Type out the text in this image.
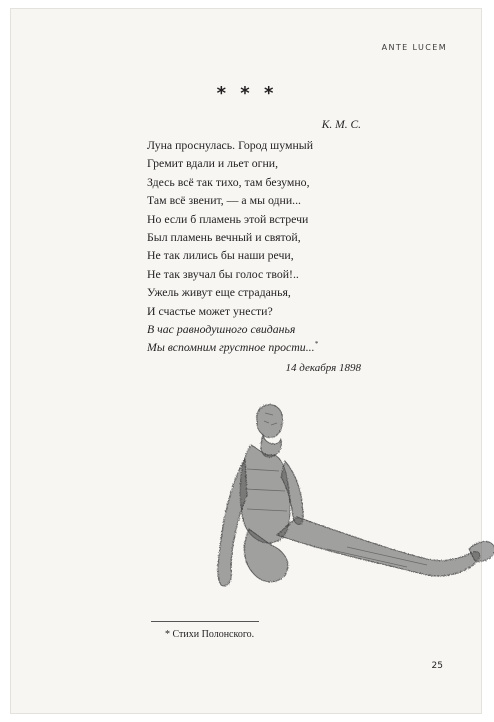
ANTE LUCEM
* * *
К. М. С.
Луна проснулась. Город шумный
Гремит вдали и льет огни,
Здесь всё так тихо, там безумно,
Там всё звенит, — а мы одни...
Но если б пламень этой встречи
Был пламень вечный и святой,
Не так лились бы наши речи,
Не так звучал бы голос твой!..
Ужель живут еще страданья,
И счастье может унести?
В час равнодушного свиданья
Мы вспомним грустное прости...*
14 декабря 1898
* Стихи Полонского.
25
